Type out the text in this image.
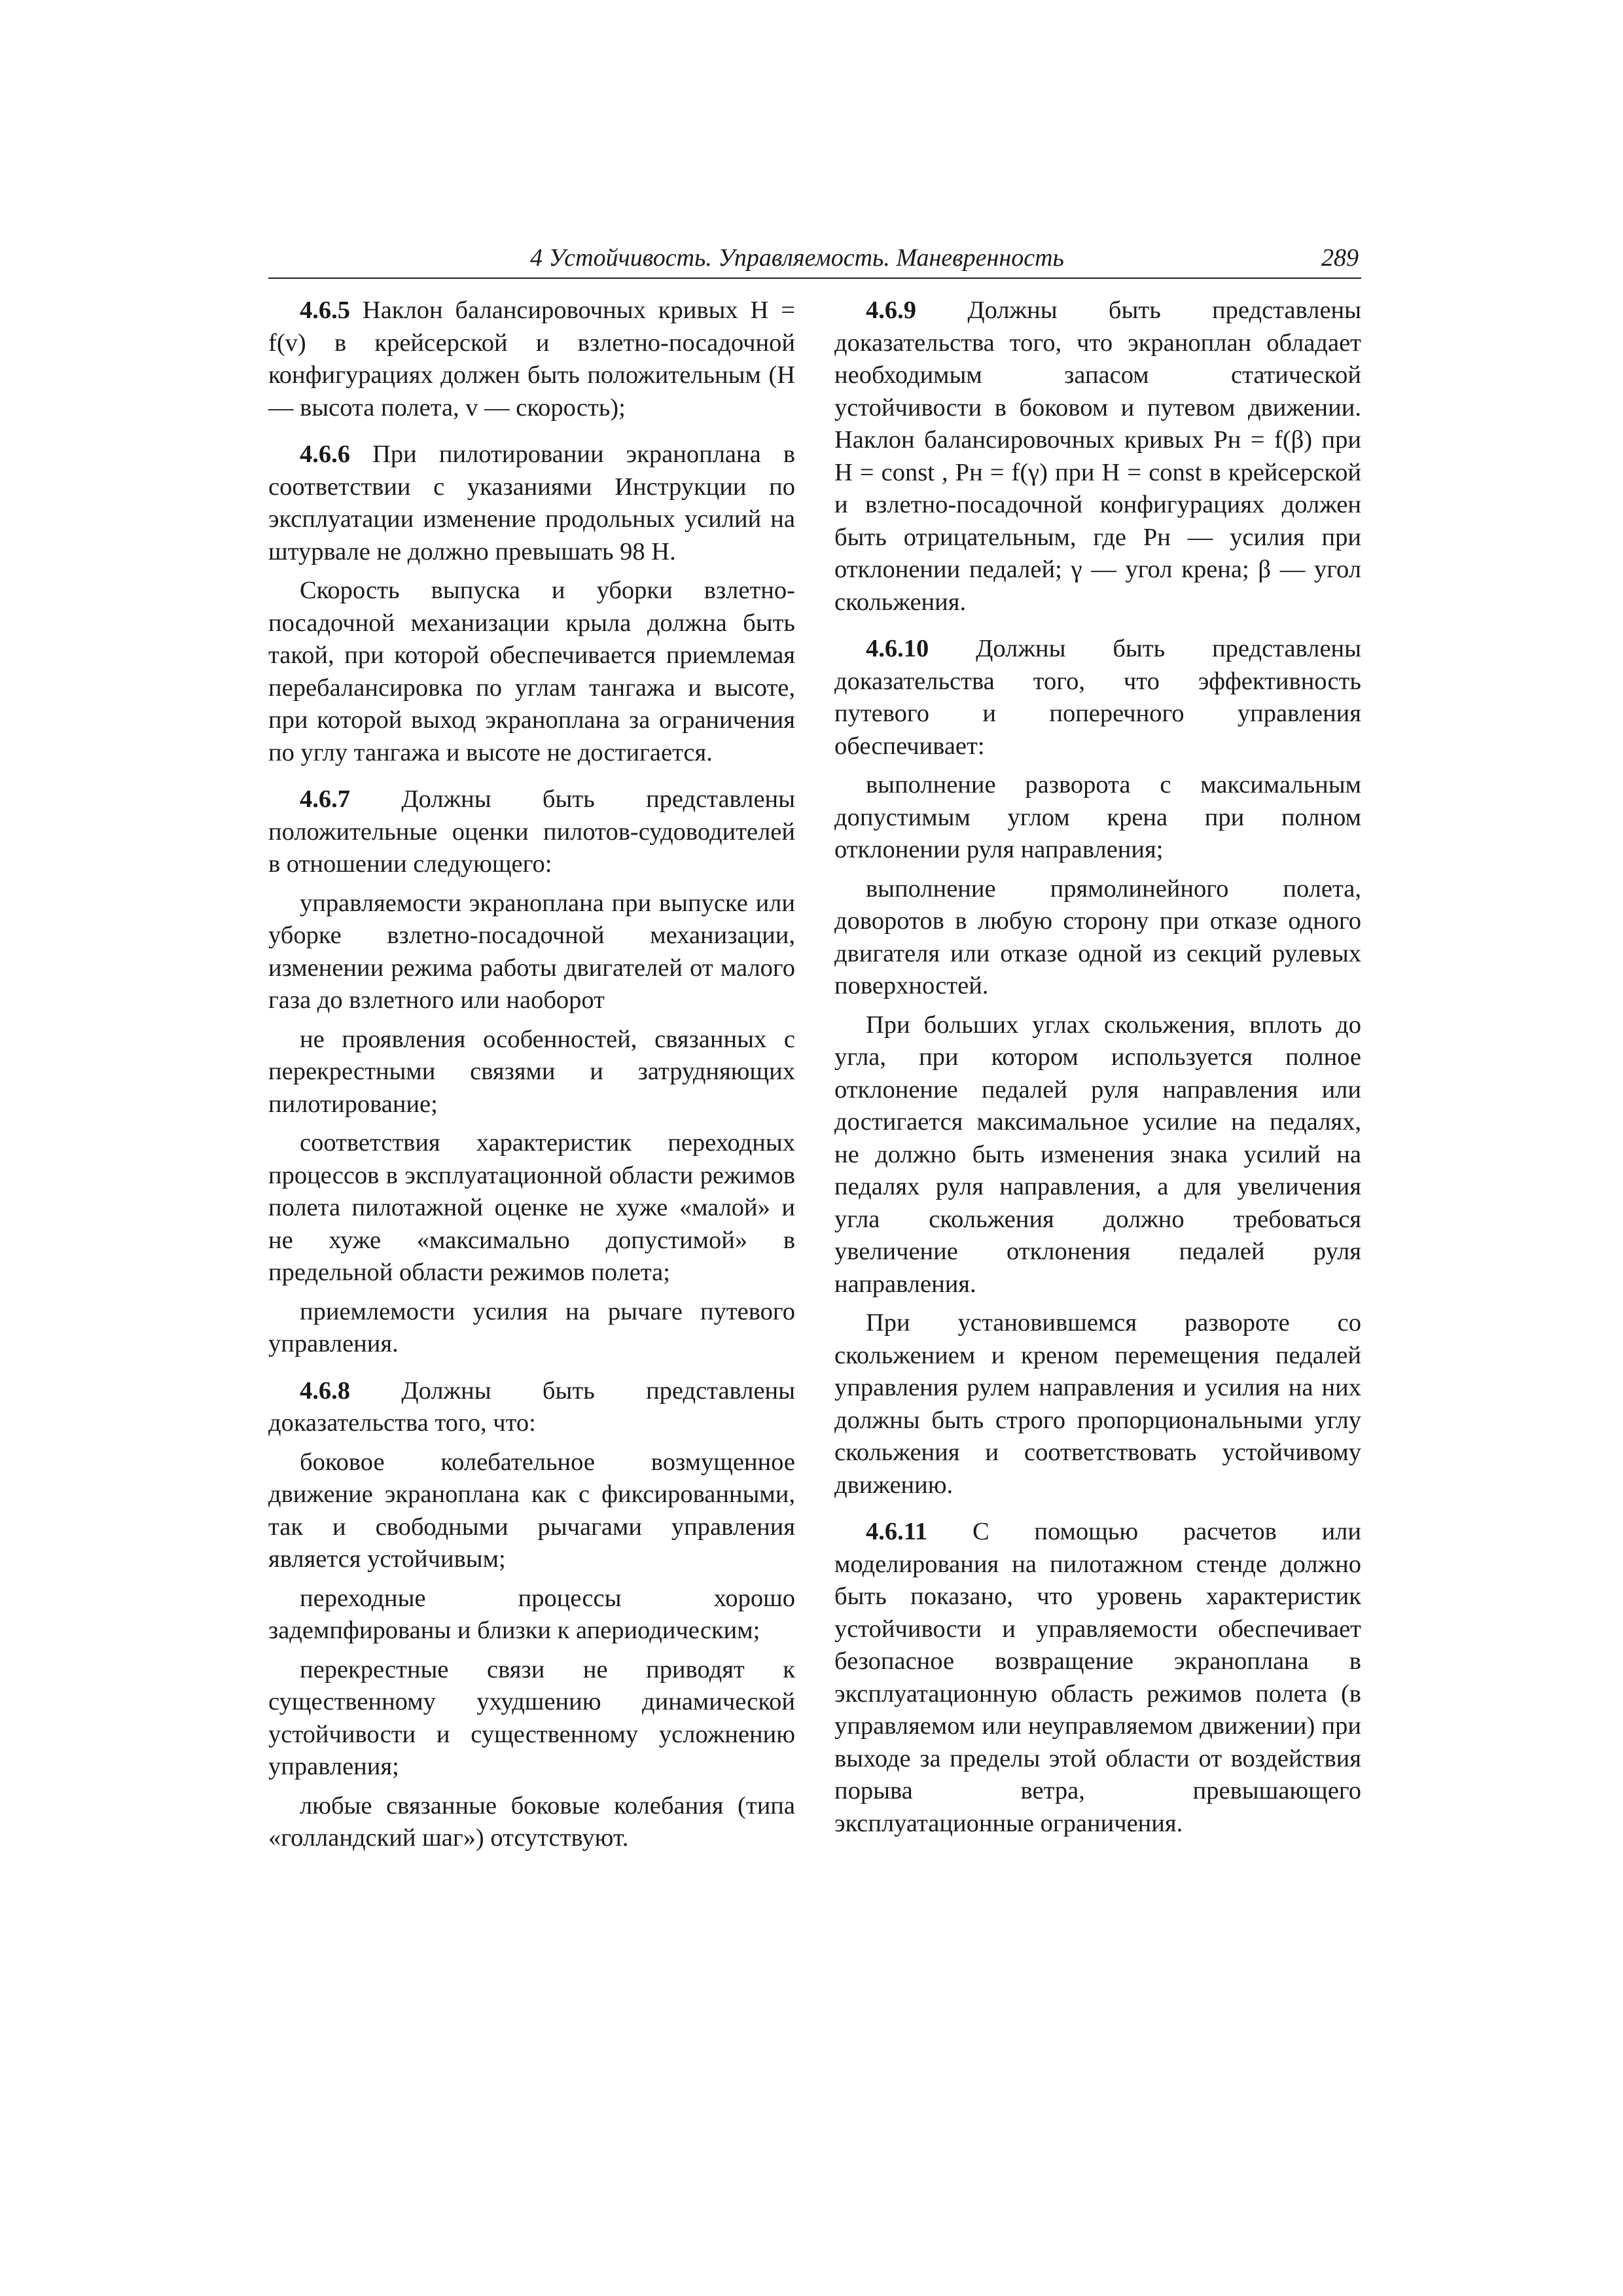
4 Устойчивость. Управляемость. Маневренность	289

4.6.5 Наклон балансировочных кривых H = f(v) в крейсерской и взлетно-посадочной конфигурациях должен быть положительным (H — высота полета, v — скорость);

4.6.6 При пилотировании экраноплана в соответствии с указаниями Инструкции по эксплуатации изменение продольных усилий на штурвале не должно превышать 98 Н.

Скорость выпуска и уборки взлетно-посадочной механизации крыла должна быть такой, при которой обеспечивается приемлемая перебалансировка по углам тангажа и высоте, при которой выход экраноплана за ограничения по углу тангажа и высоте не достигается.

4.6.7 Должны быть представлены положительные оценки пилотов-судоводителей в отношении следующего:

управляемости экраноплана при выпуске или уборке взлетно-посадочной механизации, изменении режима работы двигателей от малого газа до взлетного или наоборот

не проявления особенностей, связанных с перекрестными связями и затрудняющих пилотирование;

соответствия характеристик переходных процессов в эксплуатационной области режимов полета пилотажной оценке не хуже «малой» и не хуже «максимально допустимой» в предельной области режимов полета;

приемлемости усилия на рычаге путевого управления.

4.6.8 Должны быть представлены доказательства того, что:

боковое колебательное возмущенное движение экраноплана как с фиксированными, так и свободными рычагами управления является устойчивым;

переходные процессы хорошо задемпфированы и близки к апериодическим;

перекрестные связи не приводят к существенному ухудшению динамической устойчивости и существенному усложнению управления;

любые связанные боковые колебания (типа «голландский шаг») отсутствуют.

4.6.9 Должны быть представлены доказательства того, что экраноплан обладает необходимым запасом статической устойчивости в боковом и путевом движении. Наклон балансировочных кривых Pн = f(β) при H = const , Pн = f(γ) при H = const в крейсерской и взлетно-посадочной конфигурациях должен быть отрицательным, где Pн — усилия при отклонении педалей; γ — угол крена; β — угол скольжения.

4.6.10 Должны быть представлены доказательства того, что эффективность путевого и поперечного управления обеспечивает:

выполнение разворота с максимальным допустимым углом крена при полном отклонении руля направления;

выполнение прямолинейного полета, доворотов в любую сторону при отказе одного двигателя или отказе одной из секций рулевых поверхностей.

При больших углах скольжения, вплоть до угла, при котором используется полное отклонение педалей руля направления или достигается максимальное усилие на педалях, не должно быть изменения знака усилий на педалях руля направления, а для увеличения угла скольжения должно требоваться увеличение отклонения педалей руля направления.

При установившемся развороте со скольжением и креном перемещения педалей управления рулем направления и усилия на них должны быть строго пропорциональными углу скольжения и соответствовать устойчивому движению.

4.6.11 С помощью расчетов или моделирования на пилотажном стенде должно быть показано, что уровень характеристик устойчивости и управляемости обеспечивает безопасное возвращение экраноплана в эксплуатационную область режимов полета (в управляемом или неуправляемом движении) при выходе за пределы этой области от воздействия порыва ветра, превышающего эксплуатационные ограничения.
